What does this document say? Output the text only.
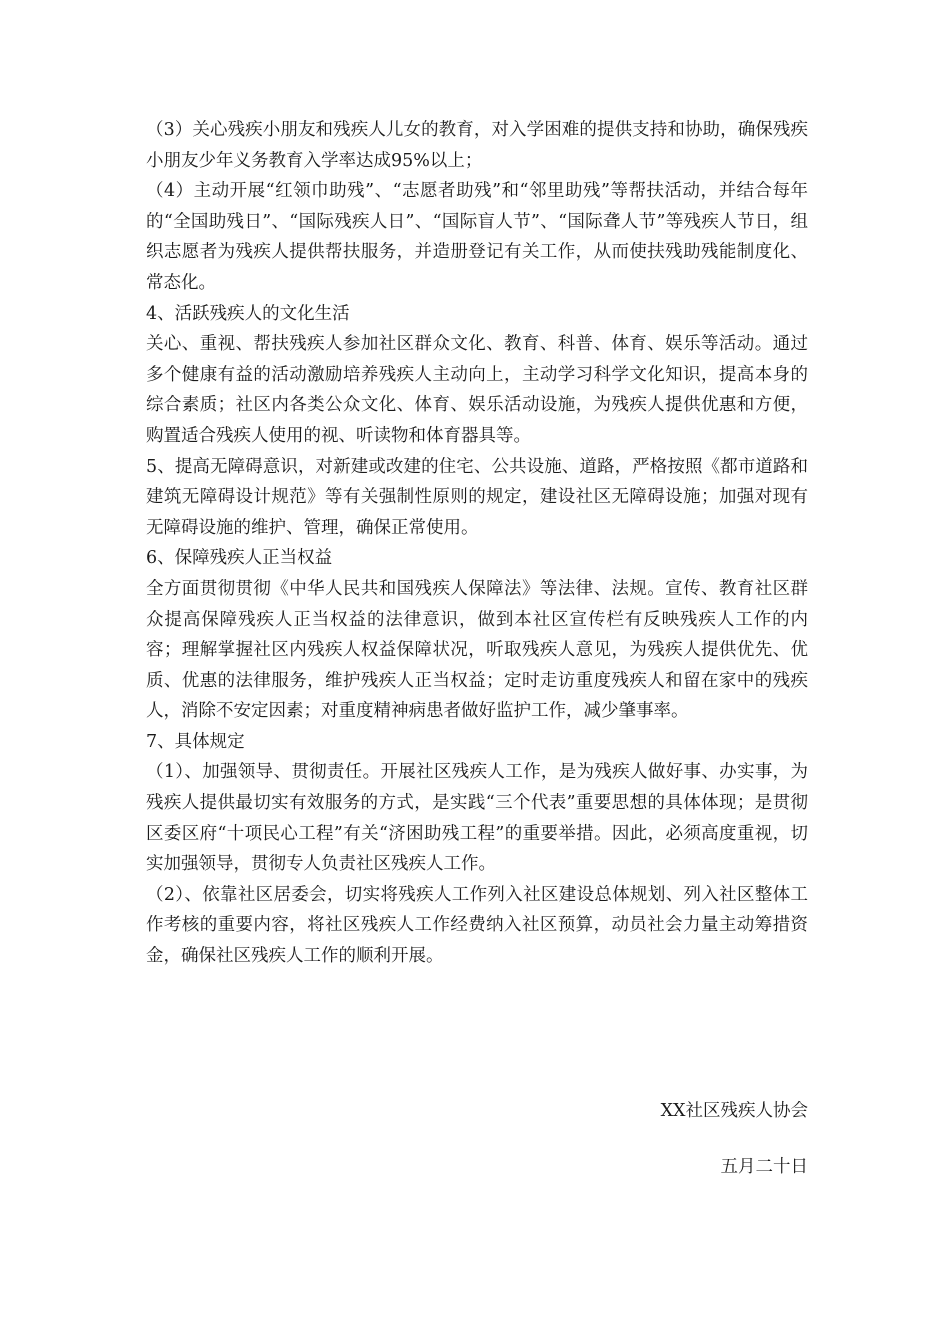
（3）关心残疾小朋友和残疾人儿女的教育，对入学困难的提供支持和协助，确保残疾小朋友少年义务教育入学率达成95%以上；

（4）主动开展“红领巾助残”、“志愿者助残”和“邻里助残”等帮扶活动，并结合每年的“全国助残日”、“国际残疾人日”、“国际盲人节”、“国际聋人节”等残疾人节日，组织志愿者为残疾人提供帮扶服务，并造册登记有关工作，从而使扶残助残能制度化、常态化。

4、活跃残疾人的文化生活

关心、重视、帮扶残疾人参加社区群众文化、教育、科普、体育、娱乐等活动。通过多个健康有益的活动激励培养残疾人主动向上，主动学习科学文化知识，提高本身的综合素质；社区内各类公众文化、体育、娱乐活动设施，为残疾人提供优惠和方便，购置适合残疾人使用的视、听读物和体育器具等。

5、提高无障碍意识，对新建或改建的住宅、公共设施、道路，严格按照《都市道路和建筑无障碍设计规范》等有关强制性原则的规定，建设社区无障碍设施；加强对现有无障碍设施的维护、管理，确保正常使用。

6、保障残疾人正当权益

全方面贯彻贯彻《中华人民共和国残疾人保障法》等法律、法规。宣传、教育社区群众提高保障残疾人正当权益的法律意识，做到本社区宣传栏有反映残疾人工作的内容；理解掌握社区内残疾人权益保障状况，听取残疾人意见，为残疾人提供优先、优质、优惠的法律服务，维护残疾人正当权益；定时走访重度残疾人和留在家中的残疾人，消除不安定因素；对重度精神病患者做好监护工作，减少肇事率。

7、具体规定

（1）、加强领导、贯彻责任。开展社区残疾人工作，是为残疾人做好事、办实事，为残疾人提供最切实有效服务的方式，是实践“三个代表”重要思想的具体体现；是贯彻区委区府“十项民心工程”有关“济困助残工程”的重要举措。因此，必须高度重视，切实加强领导，贯彻专人负责社区残疾人工作。

（2）、依靠社区居委会，切实将残疾人工作列入社区建设总体规划、列入社区整体工作考核的重要内容，将社区残疾人工作经费纳入社区预算，动员社会力量主动筹措资金，确保社区残疾人工作的顺利开展。

XX社区残疾人协会
五月二十日
